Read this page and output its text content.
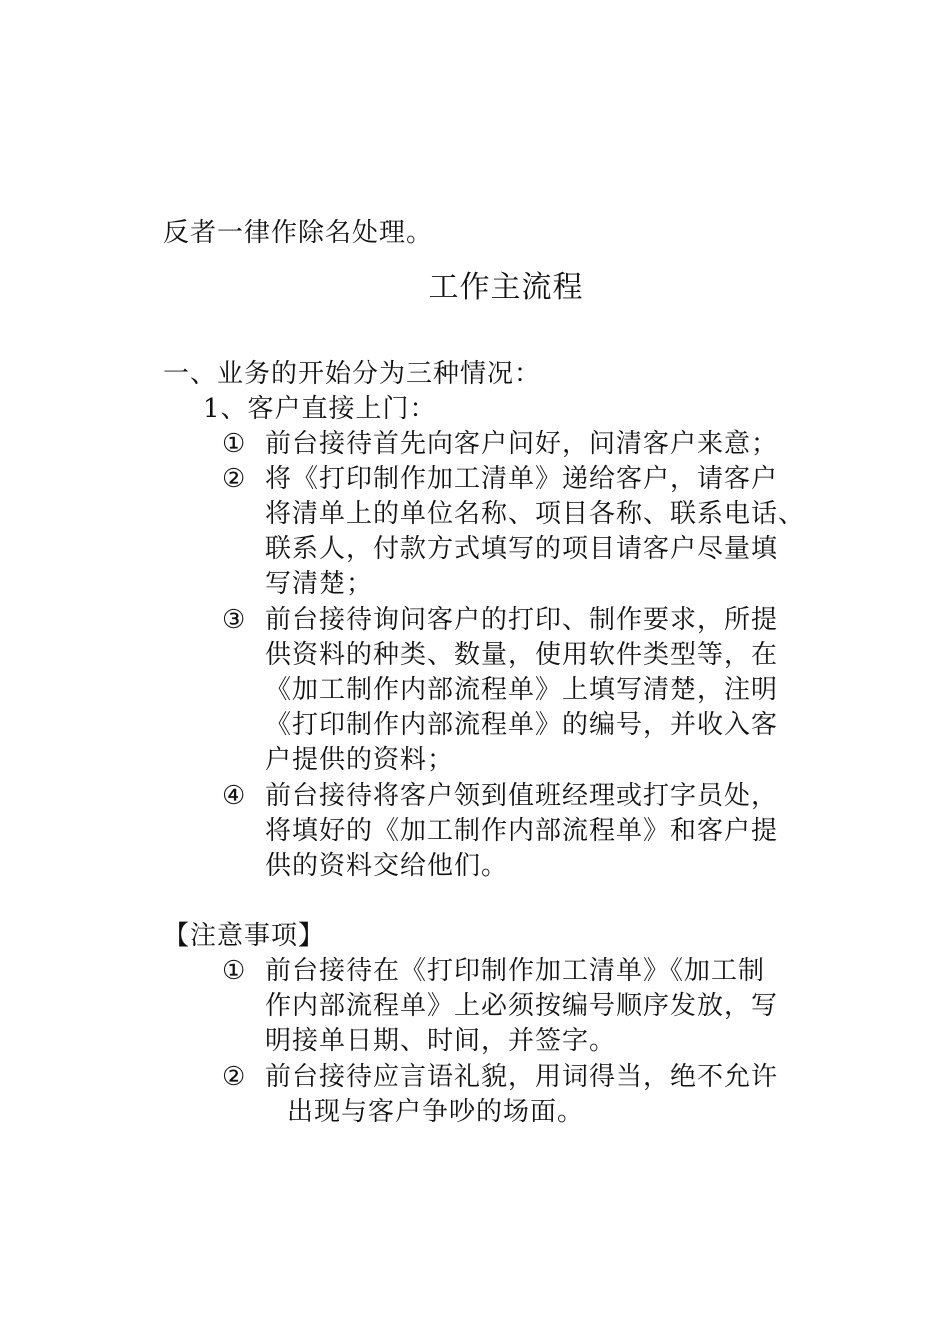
反者一律作除名处理。
工作主流程
一、业务的开始分为三种情况：
1、客户直接上门：
① 前台接待首先向客户问好，问清客户来意；
② 将《打印制作加工清单》递给客户，请客户
将清单上的单位名称、项目各称、联系电话、
联系人，付款方式填写的项目请客户尽量填
写清楚；
③ 前台接待询问客户的打印、制作要求，所提
供资料的种类、数量，使用软件类型等，在
《加工制作内部流程单》上填写清楚，注明
《打印制作内部流程单》的编号，并收入客
户提供的资料；
④ 前台接待将客户领到值班经理或打字员处，
将填好的《加工制作内部流程单》和客户提
供的资料交给他们。
【注意事项】
① 前台接待在《打印制作加工清单》《加工制
作内部流程单》上必须按编号顺序发放，写
明接单日期、时间，并签字。
② 前台接待应言语礼貌，用词得当，绝不允许
出现与客户争吵的场面。
